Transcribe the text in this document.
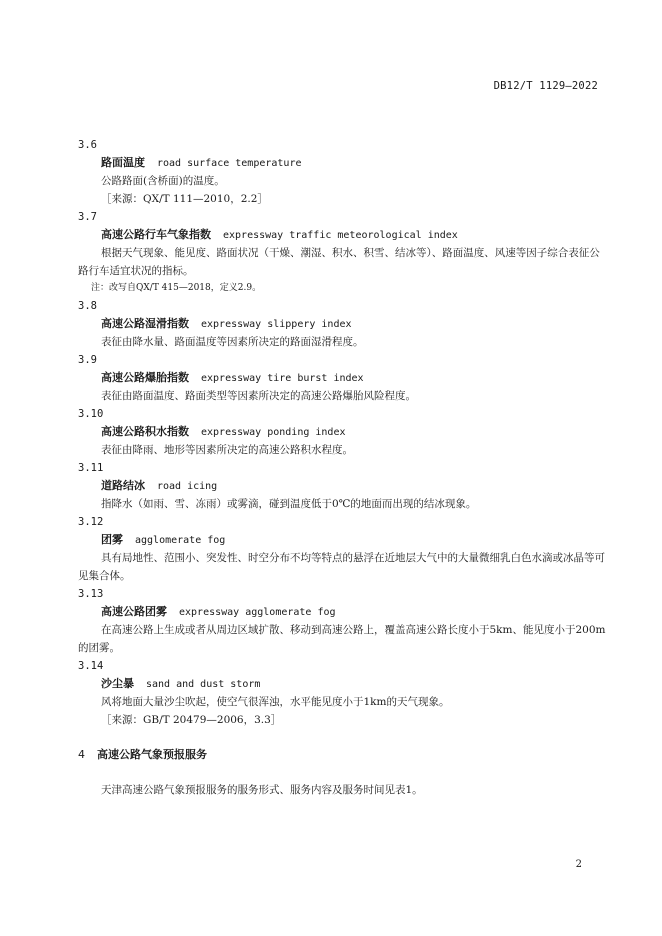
DB12/T 1129—2022
3.6
路面温度 road surface temperature
公路路面(含桥面)的温度。
［来源：QX/T 111—2010，2.2］
3.7
高速公路行车气象指数 expressway traffic meteorological index
根据天气现象、能见度、路面状况（干燥、潮湿、积水、积雪、结冰等）、路面温度、风速等因子综合表征公路行车适宜状况的指标。
注：改写自QX/T 415—2018，定义2.9。
3.8
高速公路湿滑指数 expressway slippery index
表征由降水量、路面温度等因素所决定的路面湿滑程度。
3.9
高速公路爆胎指数 expressway tire burst index
表征由路面温度、路面类型等因素所决定的高速公路爆胎风险程度。
3.10
高速公路积水指数 expressway ponding index
表征由降雨、地形等因素所决定的高速公路积水程度。
3.11
道路结冰 road icing
指降水（如雨、雪、冻雨）或雾滴，碰到温度低于0℃的地面而出现的结冰现象。
3.12
团雾 agglomerate fog
具有局地性、范围小、突发性、时空分布不均等特点的悬浮在近地层大气中的大量微细乳白色水滴或冰晶等可见集合体。
3.13
高速公路团雾 expressway agglomerate fog
在高速公路上生成或者从周边区域扩散、移动到高速公路上，覆盖高速公路长度小于5km、能见度小于200m的团雾。
3.14
沙尘暴 sand and dust storm
风将地面大量沙尘吹起，使空气很浑浊，水平能见度小于1km的天气现象。
［来源：GB/T 20479—2006，3.3］
4 高速公路气象预报服务
天津高速公路气象预报服务的服务形式、服务内容及服务时间见表1。
2
